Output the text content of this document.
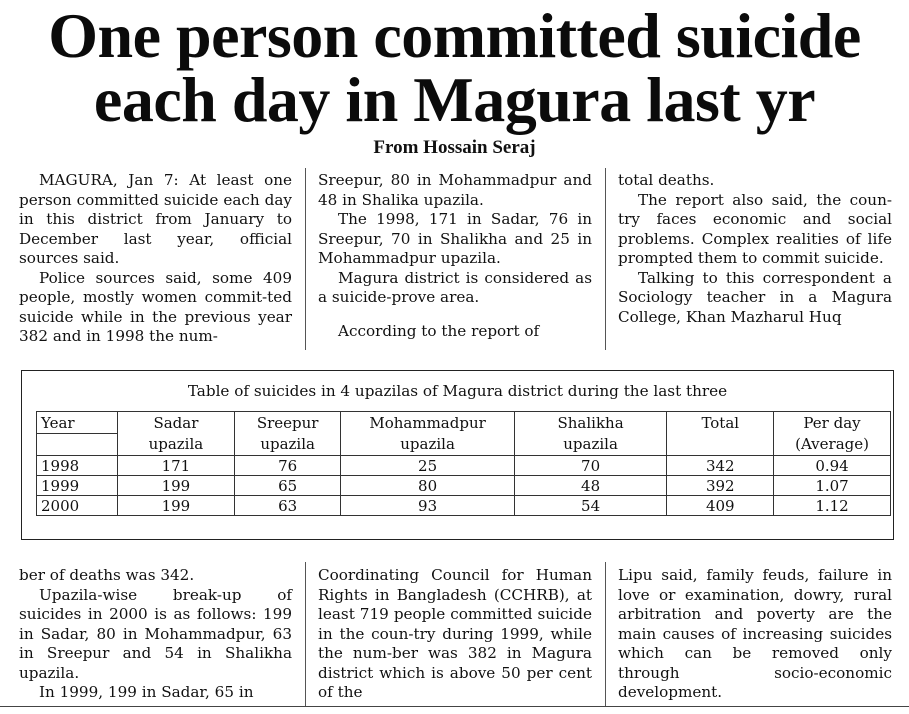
One person committed suicide
each day in Magura last yr
From Hossain Seraj

MAGURA, Jan 7: At least one person committed suicide each day in this district from January to December last year, official sources said.

Police sources said, some 409 people, mostly women commit-ted suicide while in the previous year 382 and in 1998 the num-

Sreepur, 80 in Mohammadpur and 48 in Shalika upazila.

The 1998, 171 in Sadar, 76 in Sreepur, 70 in Shalikha and 25 in Mohammadpur upazila.

Magura district is considered as a suicide-prove area.

According to the report of

total deaths.

The report also said, the coun-try faces economic and social problems. Complex realities of life prompted them to commit suicide.

Talking to this correspondent a Sociology teacher in a Magura College, Khan Mazharul Huq

Table of suicides in 4 upazilas of Magura district during the last three
Year	Sadar	Sreepur	Mohammadpur	Shalikha	Total	Per day
	upazila	upazila	upazila	upazila		(Average)
1998	171	76	25	70	342	0.94
1999	199	65	80	48	392	1.07
2000	199	63	93	54	409	1.12

ber of deaths was 342.

Upazila-wise break-up of suicides in 2000 is as follows: 199 in Sadar, 80 in Mohammadpur, 63 in Sreepur and 54 in Shalikha upazila.

In 1999, 199 in Sadar, 65 in

Coordinating Council for Human Rights in Bangladesh (CCHRB), at least 719 people committed suicide in the coun-try during 1999, while the num-ber was 382 in Magura district which is above 50 per cent of the

Lipu said, family feuds, failure in love or examination, dowry, rural arbitration and poverty are the main causes of increasing suicides which can be removed only through socio-economic development.
